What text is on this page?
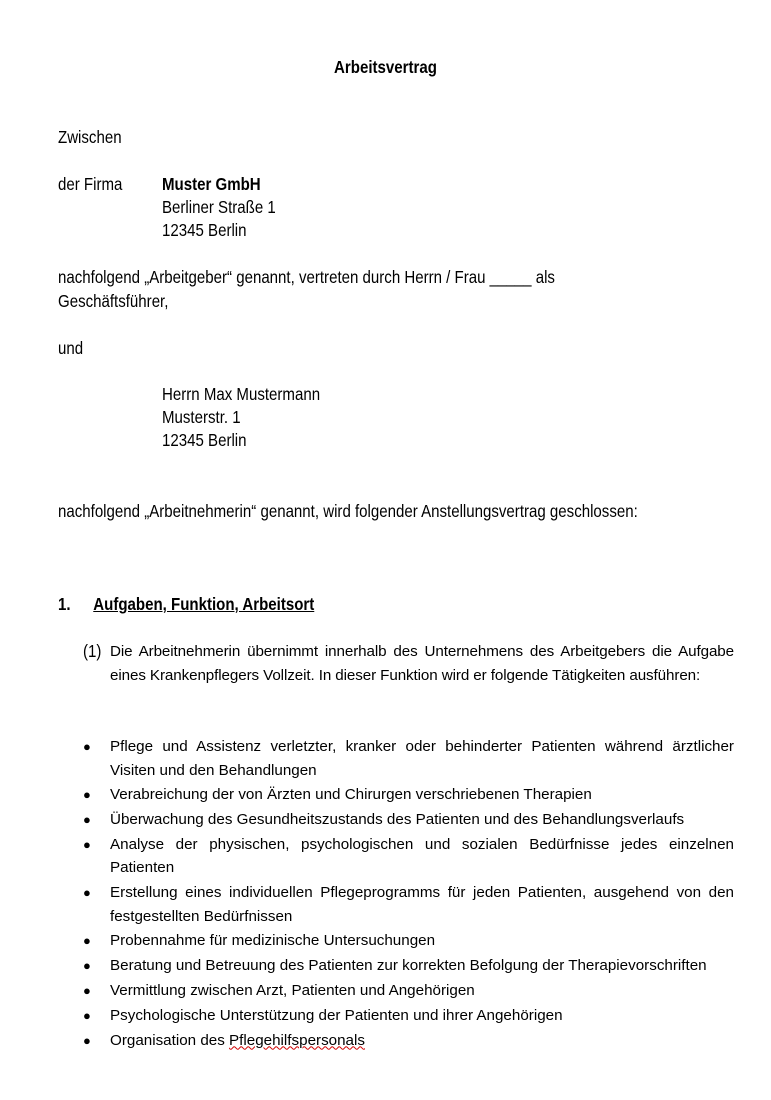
Arbeitsvertrag
Zwischen
der Firma Muster GmbH
Berliner Straße 1
12345 Berlin
nachfolgend „Arbeitgeber“ genannt, vertreten durch Herrn / Frau _____ als
Geschäftsführer,
und
Herrn Max Mustermann
Musterstr. 1
12345 Berlin
nachfolgend „Arbeitnehmerin“ genannt, wird folgender Anstellungsvertrag geschlossen:
1. Aufgaben, Funktion, Arbeitsort
(1) Die Arbeitnehmerin übernimmt innerhalb des Unternehmens des Arbeitgebers die Aufgabe eines Krankenpflegers Vollzeit. In dieser Funktion wird er folgende Tätigkeiten ausführen:
● Pflege und Assistenz verletzter, kranker oder behinderter Patienten während ärztlicher Visiten und den Behandlungen
● Verabreichung der von Ärzten und Chirurgen verschriebenen Therapien
● Überwachung des Gesundheitszustands des Patienten und des Behandlungsverlaufs
● Analyse der physischen, psychologischen und sozialen Bedürfnisse jedes einzelnen Patienten
● Erstellung eines individuellen Pflegeprogramms für jeden Patienten, ausgehend von den festgestellten Bedürfnissen
● Probennahme für medizinische Untersuchungen
● Beratung und Betreuung des Patienten zur korrekten Befolgung der Therapievorschriften
● Vermittlung zwischen Arzt, Patienten und Angehörigen
● Psychologische Unterstützung der Patienten und ihrer Angehörigen
● Organisation des Pflegehilfspersonals
